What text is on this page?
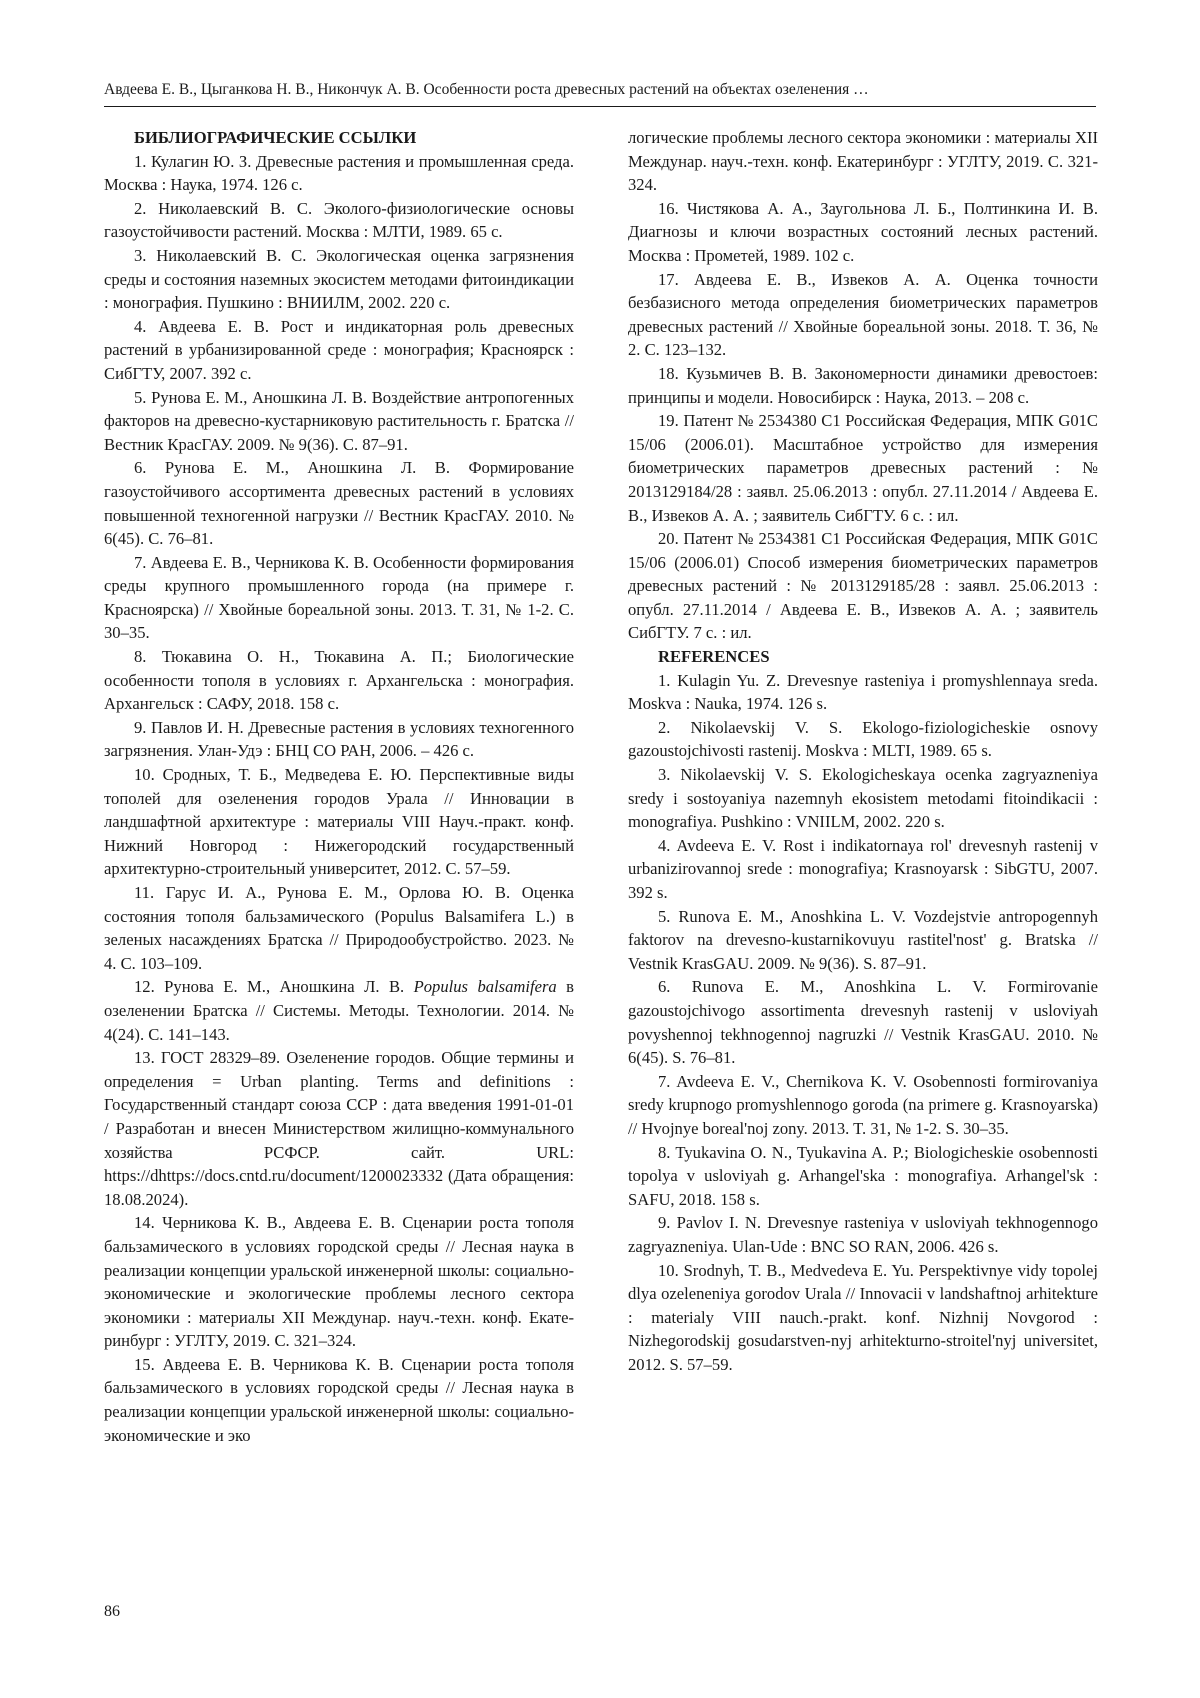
Авдеева Е. В., Цыганкова Н. В., Никончук А. В. Особенности роста древесных растений на объектах озеленения …

БИБЛИОГРАФИЧЕСКИЕ ССЫЛКИ

1. Кулагин Ю. З. Древесные растения и промышленная среда. Москва : Наука, 1974. 126 с.

2. Николаевский В. С. Эколого-физиологические основы газоустойчивости растений. Москва : МЛТИ, 1989. 65 с.

3. Николаевский В. С. Экологическая оценка загрязнения среды и состояния наземных экосистем методами фитоиндикации : монография. Пушкино : ВНИИЛМ, 2002. 220 с.

4. Авдеева Е. В. Рост и индикаторная роль древесных растений в урбанизированной среде : монография; Красноярск : СибГТУ, 2007. 392 с.

5. Рунова Е. М., Аношкина Л. В. Воздействие антропогенных факторов на древесно-кустарниковую растительность г. Братска // Вестник КрасГАУ. 2009. № 9(36). С. 87–91.

6. Рунова Е. М., Аношкина Л. В. Формирование газоустойчивого ассортимента древесных растений в условиях повышенной техногенной нагрузки // Вестник КрасГАУ. 2010. № 6(45). С. 76–81.

7. Авдеева Е. В., Черникова К. В. Особенности формирования среды крупного промышленного города (на примере г. Красноярска) // Хвойные бореальной зоны. 2013. Т. 31, № 1-2. С. 30–35.

8. Тюкавина О. Н., Тюкавина А. П.; Биологические особенности тополя в условиях г. Архангельска : монография. Архангельск : САФУ, 2018. 158 с.

9. Павлов И. Н. Древесные растения в условиях техногенного загрязнения. Улан-Удэ : БНЦ СО РАН, 2006. – 426 с.

10. Сродных, Т. Б., Медведева Е. Ю. Перспективные виды тополей для озеленения городов Урала // Инновации в ландшафтной архитектуре : материалы VIII Науч.-практ. конф. Нижний Новгород : Нижегородский государственный архитектурно-строительный университет, 2012. С. 57–59.

11. Гарус И. А., Рунова Е. М., Орлова Ю. В. Оценка состояния тополя бальзамического (Populus Balsamifera L.) в зеленых насаждениях Братска // Природообустройство. 2023. № 4. С. 103–109.

12. Рунова Е. М., Аношкина Л. В. Populus balsamifera в озеленении Братска // Системы. Методы. Технологии. 2014. № 4(24). С. 141–143.

13. ГОСТ 28329–89. Озеленение городов. Общие термины и определения = Urban planting. Terms and definitions : Государственный стандарт союза ССР : дата введения 1991-01-01 / Разработан и внесен Министерством жилищно-коммунального хозяйства РСФСР. сайт. URL: https://dhttps://docs.cntd.ru/document/1200023332 (Дата обращения: 18.08.2024).

14. Черникова К. В., Авдеева Е. В. Сценарии роста тополя бальзамического в условиях городской среды // Лесная наука в реализации концепции уральской инженерной школы: социально-экономические и экологические проблемы лесного сектора экономики : материалы XII Междунар. науч.-техн. конф. Екатеринбург : УГЛТУ, 2019. С. 321–324.

15. Авдеева Е. В. Черникова К. В. Сценарии роста тополя бальзамического в условиях городской среды // Лесная наука в реализации концепции уральской инженерной школы: социально-экономические и эко

логические проблемы лесного сектора экономики : материалы XII Междунар. науч.-техн. конф. Екатеринбург : УГЛТУ, 2019. С. 321-324.

16. Чистякова А. А., Заугольнова Л. Б., Полтинкина И. В. Диагнозы и ключи возрастных состояний лесных растений. Москва : Прометей, 1989. 102 с.

17. Авдеева Е. В., Извеков А. А. Оценка точности безбазисного метода определения биометрических параметров древесных растений // Хвойные бореальной зоны. 2018. Т. 36, № 2. С. 123–132.

18. Кузьмичев В. В. Закономерности динамики древостоев: принципы и модели. Новосибирск : Наука, 2013. – 208 с.

19. Патент № 2534380 C1 Российская Федерация, МПК G01C 15/06 (2006.01). Масштабное устройство для измерения биометрических параметров древесных растений : № 2013129184/28 : заявл. 25.06.2013 : опубл. 27.11.2014 / Авдеева Е. В., Извеков А. А. ; заявитель СибГТУ. 6 с. : ил.

20. Патент № 2534381 C1 Российская Федерация, МПК G01C 15/06 (2006.01) Способ измерения биометрических параметров древесных растений : № 2013129185/28 : заявл. 25.06.2013 : опубл. 27.11.2014 / Авдеева Е. В., Извеков А. А. ; заявитель СибГТУ. 7 с. : ил.

REFERENCES

1. Kulagin Yu. Z. Drevesnye rasteniya i promyshlennaya sreda. Moskva : Nauka, 1974. 126 s.

2. Nikolaevskij V. S. Ekologo-fiziologicheskie osnovy gazoustojchivosti rastenij. Moskva : MLTI, 1989. 65 s.

3. Nikolaevskij V. S. Ekologicheskaya ocenka zagryazneniya sredy i sostoyaniya nazemnyh ekosistem metodami fitoindikacii : monografiya. Pushkino : VNIILM, 2002. 220 s.

4. Avdeeva E. V. Rost i indikatornaya rol' drevesnyh rastenij v urbanizirovannoj srede : monografiya; Krasnoyarsk : SibGTU, 2007. 392 s.

5. Runova E. M., Anoshkina L. V. Vozdejstvie antropogennyh faktorov na drevesno-kustarnikovuyu rastitel'nost' g. Bratska // Vestnik KrasGAU. 2009. № 9(36). S. 87–91.

6. Runova E. M., Anoshkina L. V. Formirovanie gazoustojchivogo assortimenta drevesnyh rastenij v usloviyah povyshennoj tekhnogennoj nagruzki // Vestnik KrasGAU. 2010. № 6(45). S. 76–81.

7. Avdeeva E. V., Chernikova K. V. Osobennosti formirovaniya sredy krupnogo promyshlennogo goroda (na primere g. Krasnoyarska) // Hvojnye boreal'noj zony. 2013. T. 31, № 1-2. S. 30–35.

8. Tyukavina O. N., Tyukavina A. P.; Biologicheskie osobennosti topolya v usloviyah g. Arhangel'ska : monografiya. Arhangel'sk : SAFU, 2018. 158 s.

9. Pavlov I. N. Drevesnye rasteniya v usloviyah tekhnogennogo zagryazneniya. Ulan-Ude : BNC SO RAN, 2006. 426 s.

10. Srodnyh, T. B., Medvedeva E. Yu. Perspektivnye vidy topolej dlya ozeleneniya gorodov Urala // Innovacii v landshaftnoj arhitekture : materialy VIII nauch.-prakt. konf. Nizhnij Novgorod : Nizhegorodskij gosudarstven-nyj arhitekturno-stroitel'nyj universitet, 2012. S. 57–59.

86
